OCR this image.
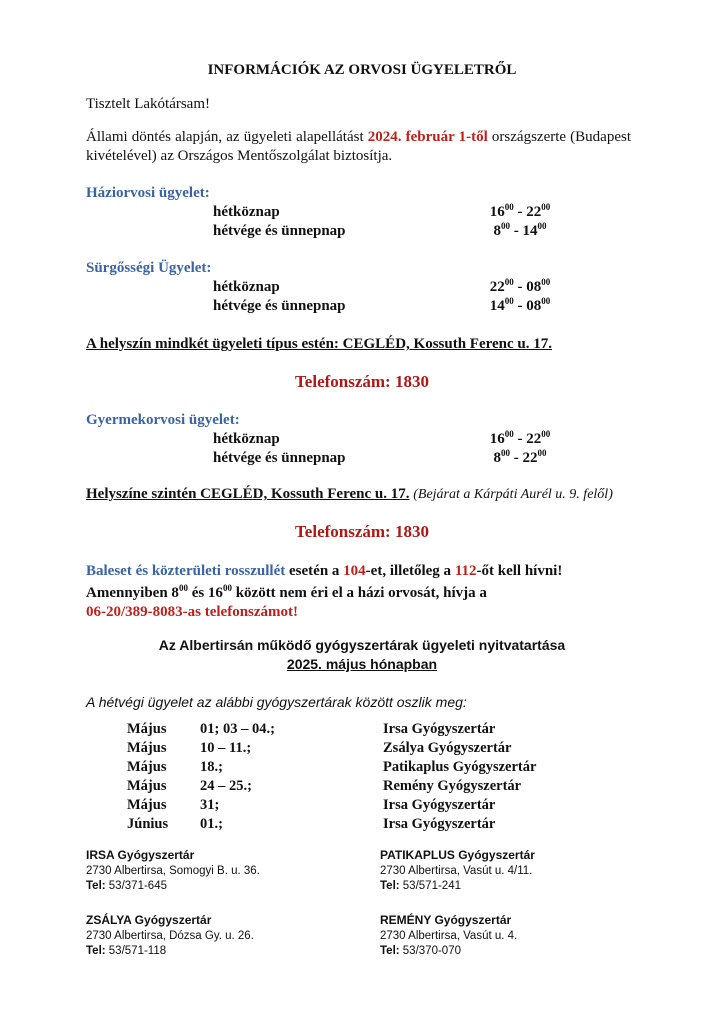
INFORMÁCIÓK AZ ORVOSI ÜGYELETRŐL
Tisztelt Lakótársam!
Állami döntés alapján, az ügyeleti alapellátást 2024. február 1-től országszerte (Budapest kivételével) az Országos Mentőszolgálat biztosítja.
Háziorvosi ügyelet:
hétköznap	$16^{00} - 22^{00}$
hétvége és ünnepnap	$8^{00} - 14^{00}$
Sürgősségi Ügyelet:
hétköznap	$22^{00} - 08^{00}$
hétvége és ünnepnap	$14^{00} - 08^{00}$
A helyszín mindkét ügyeleti típus estén: CEGLÉD, Kossuth Ferenc u. 17.
Telefonszám: 1830
Gyermekorvosi ügyelet:
hétköznap	$16^{00} - 22^{00}$
hétvége és ünnepnap	$8^{00} - 22^{00}$
Helyszíne szintén CEGLÉD, Kossuth Ferenc u. 17. (Bejárat a Kárpáti Aurél u. 9. felől)
Telefonszám: 1830
Baleset és közterületi rosszullét esetén a 104-et, illetőleg a 112-őt kell hívni!
Amennyiben $8^{00}$ és $16^{00}$ között nem éri el a házi orvosát, hívja a
06-20/389-8083-as telefonszámot!
Az Albertirsán működő gyógyszertárak ügyeleti nyitvatartása
2025. május hónapban
A hétvégi ügyelet az alábbi gyógyszertárak között oszlik meg:
Május 01; 03 – 04.;	Irsa Gyógyszertár
Május 10 – 11.;	Zsálya Gyógyszertár
Május 18.;	Patikaplus Gyógyszertár
Május 24 – 25.;	Remény Gyógyszertár
Május 31;	Irsa Gyógyszertár
Június 01.;	Irsa Gyógyszertár
IRSA Gyógyszertár
2730 Albertirsa, Somogyi B. u. 36.
Tel: 53/371-645
PATIKAPLUS Gyógyszertár
2730 Albertirsa, Vasút u. 4/11.
Tel: 53/571-241
ZSÁLYA Gyógyszertár
2730 Albertirsa, Dózsa Gy. u. 26.
Tel: 53/571-118
REMÉNY Gyógyszertár
2730 Albertirsa, Vasút u. 4.
Tel: 53/370-070
